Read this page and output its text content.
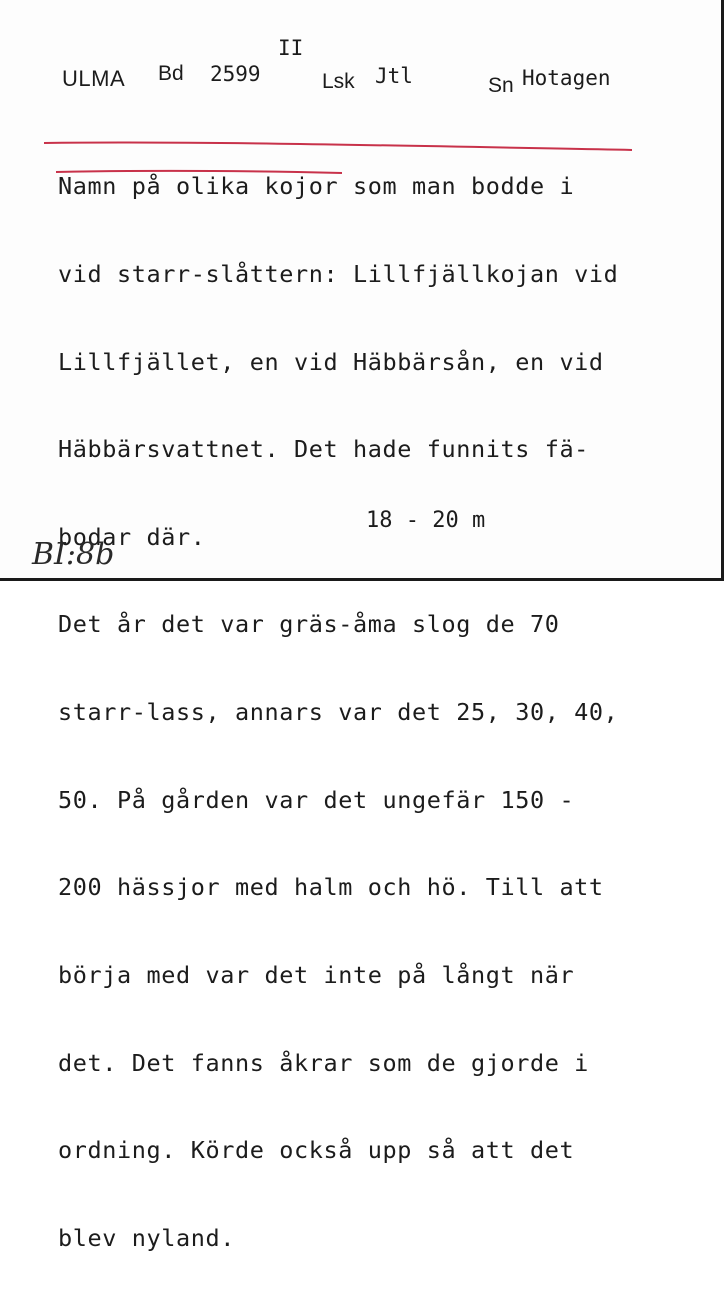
ULMA Bd 2599
II
Lsk Jtl	Sn Hotagen

Namn på olika kojor som man bodde i

vid starr-slåttern: Lillfjällkojan vid

Lillfjället, en vid Häbbärsån, en vid

Häbbärsvattnet. Det hade funnits fä-

bodar där.

Det år det var gräs-åma slog de 70

starr-lass, annars var det 25, 30, 40,

50. På gården var det ungefär 150 -

200 hässjor med halm och hö. Till att

börja med var det inte på långt när

det. Det fanns åkrar som de gjorde i

ordning. Körde också upp så att det

blev nyland.

18 - 20 m
BI:8b
